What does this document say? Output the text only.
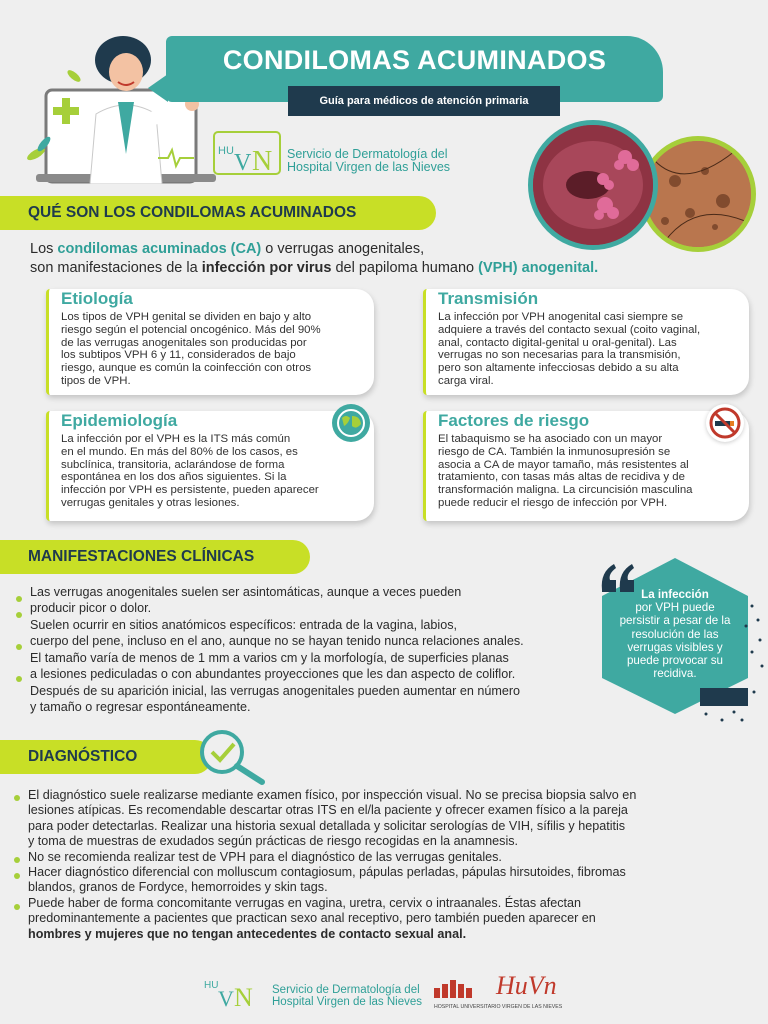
CONDILOMAS ACUMINADOS
Guía para médicos de atención primaria
HU V N Servicio de Dermatología del
Hospital Virgen de las Nieves
QUÉ SON LOS CONDILOMAS ACUMINADOS
Los condilomas acuminados (CA) o verrugas anogenitales,
son manifestaciones de la infección por virus del papiloma humano (VPH) anogenital.
Etiología
Los tipos de VPH genital se dividen en bajo y alto
riesgo según el potencial oncogénico. Más del 90%
de las verrugas anogenitales son producidas por
los subtipos VPH 6 y 11, considerados de bajo
riesgo, aunque es común la coinfección con otros
tipos de VPH.
Transmisión
La infección por VPH anogenital casi siempre se
adquiere a través del contacto sexual (coito vaginal,
anal, contacto digital-genital u oral-genital). Las
verrugas no son necesarias para la transmisión,
pero son altamente infecciosas debido a su alta
carga viral.
Epidemiología
La infección por el VPH es la ITS más común
en el mundo. En más del 80% de los casos, es
subclínica, transitoria, aclarándose de forma
espontánea en los dos años siguientes. Si la
infección por VPH es persistente, pueden aparecer
verrugas genitales y otras lesiones.
Factores de riesgo
El tabaquismo se ha asociado con un mayor
riesgo de CA. También la inmunosupresión se
asocia a CA de mayor tamaño, más resistentes al
tratamiento, con tasas más altas de recidiva y de
transformación maligna. La circuncisión masculina
puede reducir el riesgo de infección por VPH.
MANIFESTACIONES CLÍNICAS
Las verrugas anogenitales suelen ser asintomáticas, aunque a veces pueden
producir picor o dolor.
Suelen ocurrir en sitios anatómicos específicos: entrada de la vagina, labios,
cuerpo del pene, incluso en el ano, aunque no se hayan tenido nunca relaciones anales.
El tamaño varía de menos de 1 mm a varios cm y la morfología, de superficies planas
a lesiones pediculadas o con abundantes proyecciones que les dan aspecto de coliflor.
Después de su aparición inicial, las verrugas anogenitales pueden aumentar en número
y tamaño o regresar espontáneamente.
La infección
por VPH puede
persistir a pesar de la
resolución de las
verrugas visibles y
puede provocar su
recidiva.
DIAGNÓSTICO
El diagnóstico suele realizarse mediante examen físico, por inspección visual. No se precisa biopsia salvo en
lesiones atípicas. Es recomendable descartar otras ITS en el/la paciente y ofrecer examen físico a la pareja
para poder detectarlas. Realizar una historia sexual detallada y solicitar serologías de VIH, sífilis y hepatitis
y toma de muestras de exudados según prácticas de riesgo recogidas en la anamnesis.
No se recomienda realizar test de VPH para el diagnóstico de las verrugas genitales.
Hacer diagnóstico diferencial con molluscum contagiosum, pápulas perladas, pápulas hirsutoides, fibromas
blandos, granos de Fordyce, hemorroides y skin tags.
Puede haber de forma concomitante verrugas en vagina, uretra, cervix o intraanales. Éstas afectan
predominantemente a pacientes que practican sexo anal receptivo, pero también pueden aparecer en
hombres y mujeres que no tengan antecedentes de contacto sexual anal.
HU
V N Servicio de Dermatología del
Hospital Virgen de las Nieves
HuVn
HOSPITAL UNIVERSITARIO VIRGEN DE LAS NIEVES
